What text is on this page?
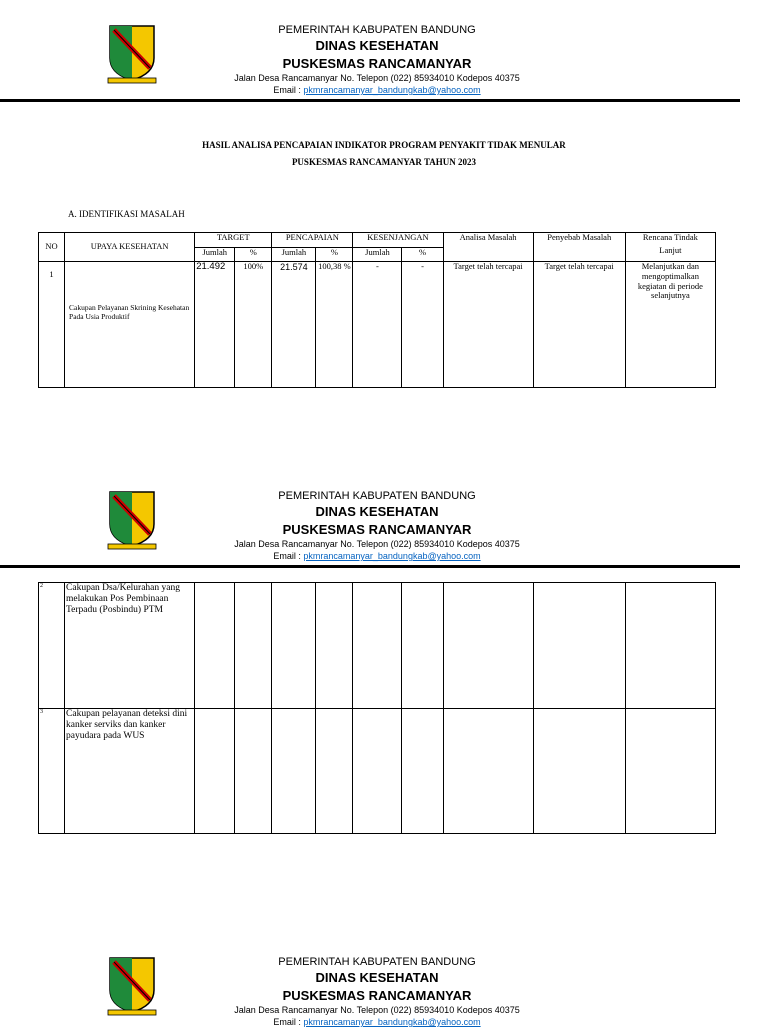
PEMERINTAH KABUPATEN BANDUNG
DINAS KESEHATAN
PUSKESMAS RANCAMANYAR
Jalan Desa Rancamanyar No. Telepon (022) 85934010 Kodepos 40375
Email : pkmrancamanyar_bandungkab@yahoo.com
HASIL ANALISA PENCAPAIAN INDIKATOR PROGRAM PENYAKIT TIDAK MENULAR
PUSKESMAS RANCAMANYAR TAHUN 2023
A. IDENTIFIKASI MASALAH
NO	UPAYA KESEHATAN	TARGET		PENCAPAIAN		KESENJANGAN		Analisa Masalah	Penyebab Masalah	Rencana Tindak
Lanjut

		Jumlah	%	Jumlah	%	Jumlah	%			
1	Cakupan Pelayanan Skrining Kesehatan Pada Usia Produktif	21.492	100%	21.574	100,38 %	-	-	Target telah tercapai	Target telah tercapai	Melanjutkan dan mengoptimalkan kegiatan di periode selanjutnya
PEMERINTAH KABUPATEN BANDUNG
DINAS KESEHATAN
PUSKESMAS RANCAMANYAR
Jalan Desa Rancamanyar No. Telepon (022) 85934010 Kodepos 40375
Email : pkmrancamanyar_bandungkab@yahoo.com
2	Cakupan Dsa/Kelurahan yang melakukan Pos Pembinaan Terpadu (Posbindu) PTM									
3	Cakupan pelayanan deteksi dini kanker serviks dan kanker payudara pada WUS									
PEMERINTAH KABUPATEN BANDUNG
DINAS KESEHATAN
PUSKESMAS RANCAMANYAR
Jalan Desa Rancamanyar No. Telepon (022) 85934010 Kodepos 40375
Email : pkmrancamanyar_bandungkab@yahoo.com
